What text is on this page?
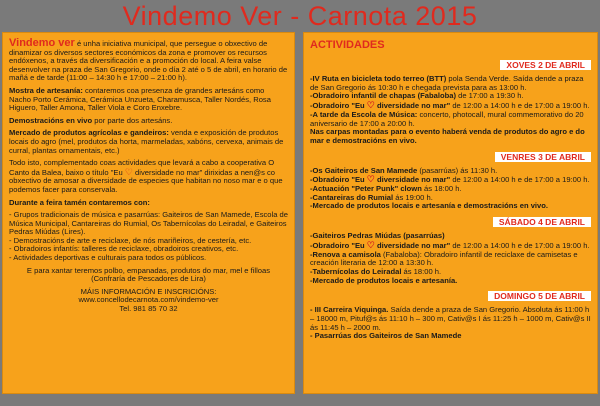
Vindemo Ver - Carnota 2015

Vindemo ver é unha iniciativa municipal, que persegue o obxectivo de dinamizar os diversos sectores económicos da zona e promover os recursos endóxenos, a través da diversificación e a promoción do local. A feira valse desenvolver na praza de San Gregorio, onde o día 2 até o 5 de abril, en horario de mañá e de tarde (11:00 – 14:30 h e 17:00 – 21:00 h).

Mostra de artesanía: contaremos coa presenza de grandes artesáns como Nacho Porto Cerámica, Cerámica Unzueta, Charamusca, Taller Nordés, Rosa Higuero, Taller Amona, Taller Viola e Coro Enxebre.

Demostracións en vivo por parte dos artesáns.

Mercado de produtos agrícolas e gandeiros: venda e exposición de produtos locais do agro (mel, produtos da horta, marmeladas, xabóns, cervexa, animais de curral, plantas ornamentais, etc.)

Todo isto, complementado coas actividades que levará a cabo a cooperativa O Canto da Balea, baixo o título "Eu ♡ diversidade no mar" dirixidas a nen@s co obxectivo de amosar a diversidade de especies que habitan no noso mar e o que podemos facer para conservala.

Durante a feira tamén contaremos con:

- Grupos tradicionais de música e pasarrúas: Gaiteiros de San Mamede, Escola de Música Municipal, Cantareiras do Rumial, Os Tabernícolas do Leiradal, e Gaiteiros Pedras Miúdas (Lires).
- Demostracións de arte e reciclaxe, de nós mariñeiros, de cestería, etc.
- Obradoiros infantís: talleres de reciclaxe, obradoiros creativos, etc.
- Actividades deportivas e culturais para todos os públicos.

E para xantar teremos polbo, empanadas, produtos do mar, mel e filloas (Confraría de Pescadores de Lira)

MÁIS INFORMACIÓN E INSCRICIÓNS:
www.concellodecarnota.com/vindemo-ver
Tel. 981 85 70 32

ACTIVIDADES
XOVES 2 DE ABRIL

-IV Ruta en bicicleta todo terreo (BTT) pola Senda Verde. Saída dende a praza de San Gregorio ás 10:30 h e chegada prevista para as 13:00 h.

-Obradoiro infantil de chapas (Fabaloba) de 17:00 a 19:30 h.

-Obradoiro "Eu ♡ diversidade no mar" de 12:00 a 14:00 h e de 17:00 a 19:00 h.

-A tarde da Escola de Música: concerto, photocall, mural commemorativo do 20 aniversario de 17:00 a 20:00 h.

Nas carpas montadas para o evento haberá venda de produtos do agro e do mar e demostracións en vivo.

VENRES 3 DE ABRIL

-Os Gaiteiros de San Mamede (pasarrúas) ás 11:30 h.

-Obradoiro "Eu ♡ diversidade no mar" de 12:00 a 14:00 h e de 17:00 a 19:00 h.

-Actuación "Peter Punk" clown ás 18:00 h.

-Cantareiras do Rumial ás 19:00 h.

-Mercado de produtos locais e artesanía e demostracións en vivo.

SÁBADO 4 DE ABRIL

-Gaiteiros Pedras Miúdas (pasarrúas)

-Obradoiro "Eu ♡ diversidade no mar" de 12:00 a 14:00 h e de 17:00 a 19:00 h.

-Renova a camisola (Fabaloba): Obradoiro infantil de reciclaxe de camisetas e creación literaria de 12:00 a 13:30 h.

-Tabernícolas do Leiradal ás 18:00 h.

-Mercado de produtos locais e artesanía.

DOMINGO 5 DE ABRIL

- III Carreira Viquinga. Saída dende a praza de San Gregorio. Absoluta ás 11:00 h – 18000 m, Pituf@s ás 11:10 h – 300 m, Cativ@s I ás 11:25 h – 1000 m, Cativ@s II ás 11:45 h – 2000 m.

- Pasarrúas dos Gaiteiros de San Mamede
